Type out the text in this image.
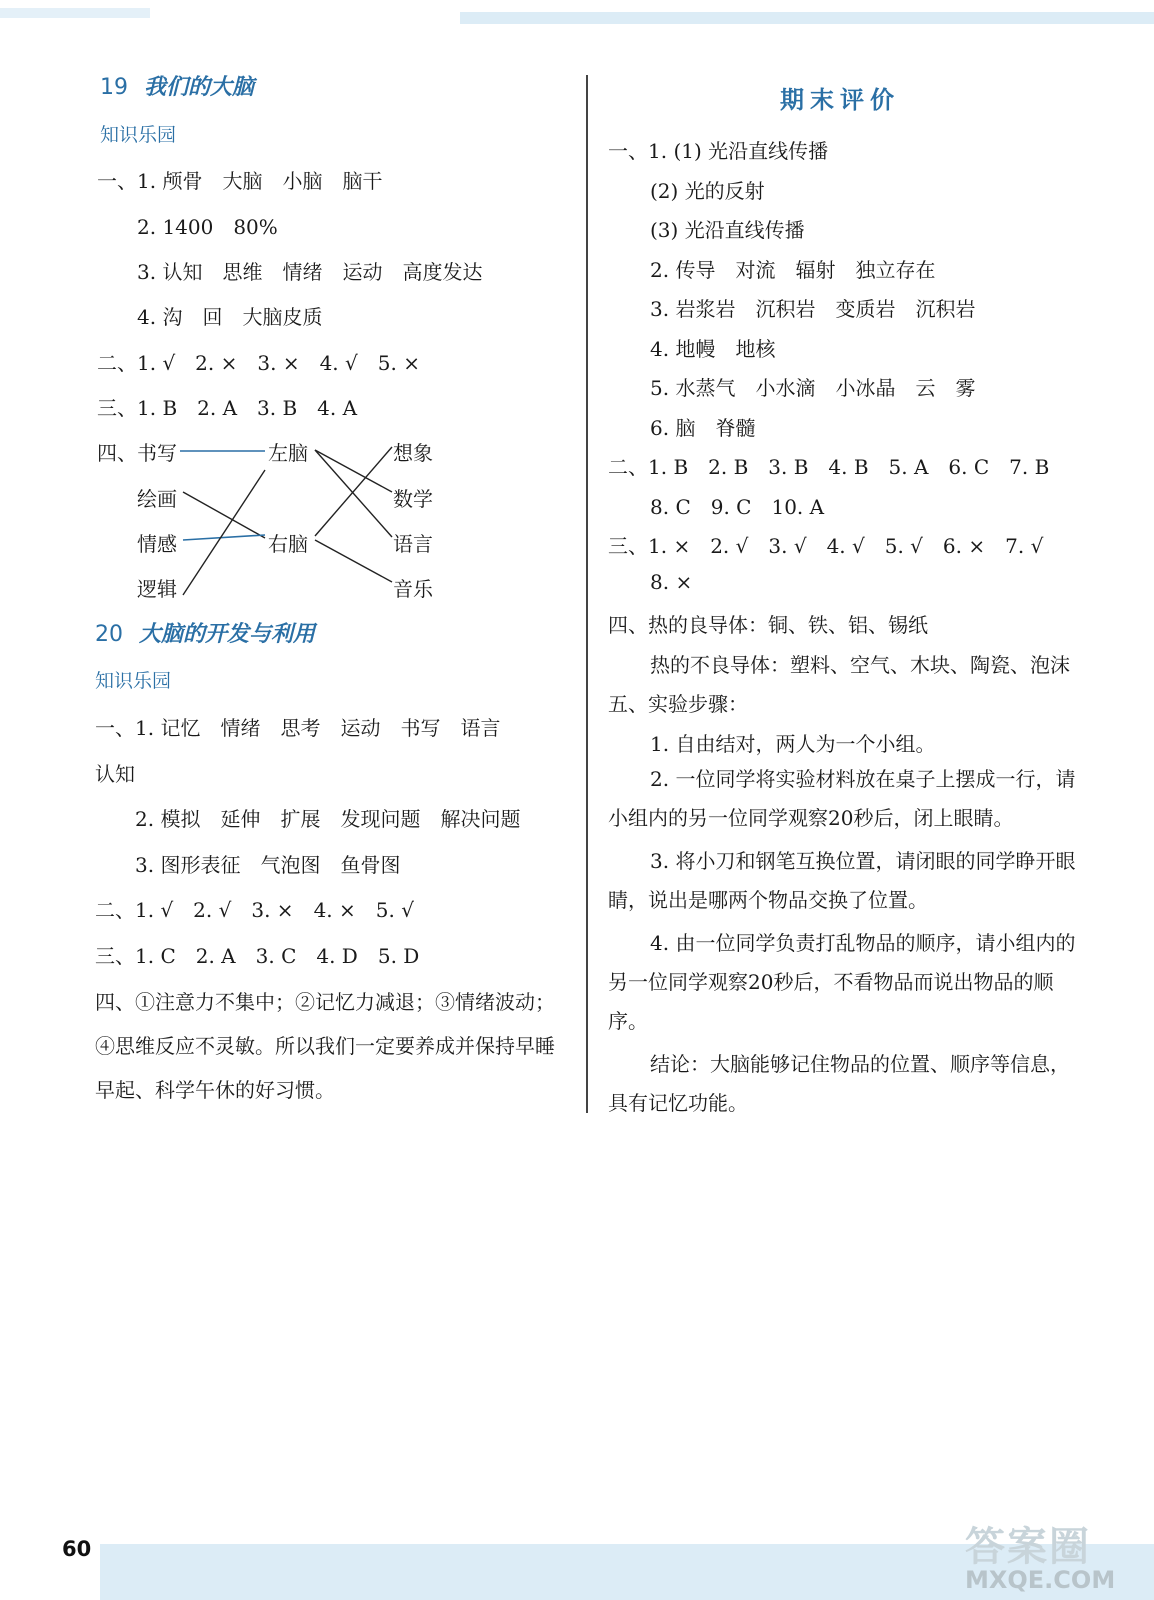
19 我们的大脑
知识乐园
一、1. 颅骨　大脑　小脑　脑干
2. 1400　80%
3. 认知　思维　情绪　运动　高度发达
4. 沟　回　大脑皮质
二、1. √　2. ×　3. ×　4. √　5. ×
三、1. B　2. A　3. B　4. A
四、 书写
绘画
情感
逻辑
左脑
右脑
想象
数学
语言
音乐
20 大脑的开发与利用
知识乐园
一、1. 记忆　情绪　思考　运动　书写　语言
认知
2. 模拟　延伸　扩展　发现问题　解决问题
3. 图形表征　气泡图　鱼骨图
二、1. √　2. √　3. ×　4. ×　5. √
三、1. C　2. A　3. C　4. D　5. D
四、①注意力不集中；②记忆力减退；③情绪波动；④思维反应不灵敏。所以我们一定要养成并保持早睡早起、科学午休的好习惯。
期末评价
一、1. (1) 光沿直线传播
(2) 光的反射
(3) 光沿直线传播
2. 传导　对流　辐射　独立存在
3. 岩浆岩　沉积岩　变质岩　沉积岩
4. 地幔　地核
5. 水蒸气　小水滴　小冰晶　云　雾
6. 脑　脊髓
二、1. B　2. B　3. B　4. B　5. A　6. C　7. B
8. C　9. C　10. A
三、1. ×　2. √　3. √　4. √　5. √　6. ×　7. √
8. ×
四、热的良导体：铜、铁、铝、锡纸
热的不良导体：塑料、空气、木块、陶瓷、泡沫
五、实验步骤：
1. 自由结对，两人为一个小组。
2. 一位同学将实验材料放在桌子上摆成一行，请小组内的另一位同学观察20秒后，闭上眼睛。
3. 将小刀和钢笔互换位置，请闭眼的同学睁开眼睛，说出是哪两个物品交换了位置。
4. 由一位同学负责打乱物品的顺序，请小组内的另一位同学观察20秒后，不看物品而说出物品的顺序。
结论：大脑能够记住物品的位置、顺序等信息，具有记忆功能。
60	答案圈
MXQE.COM
